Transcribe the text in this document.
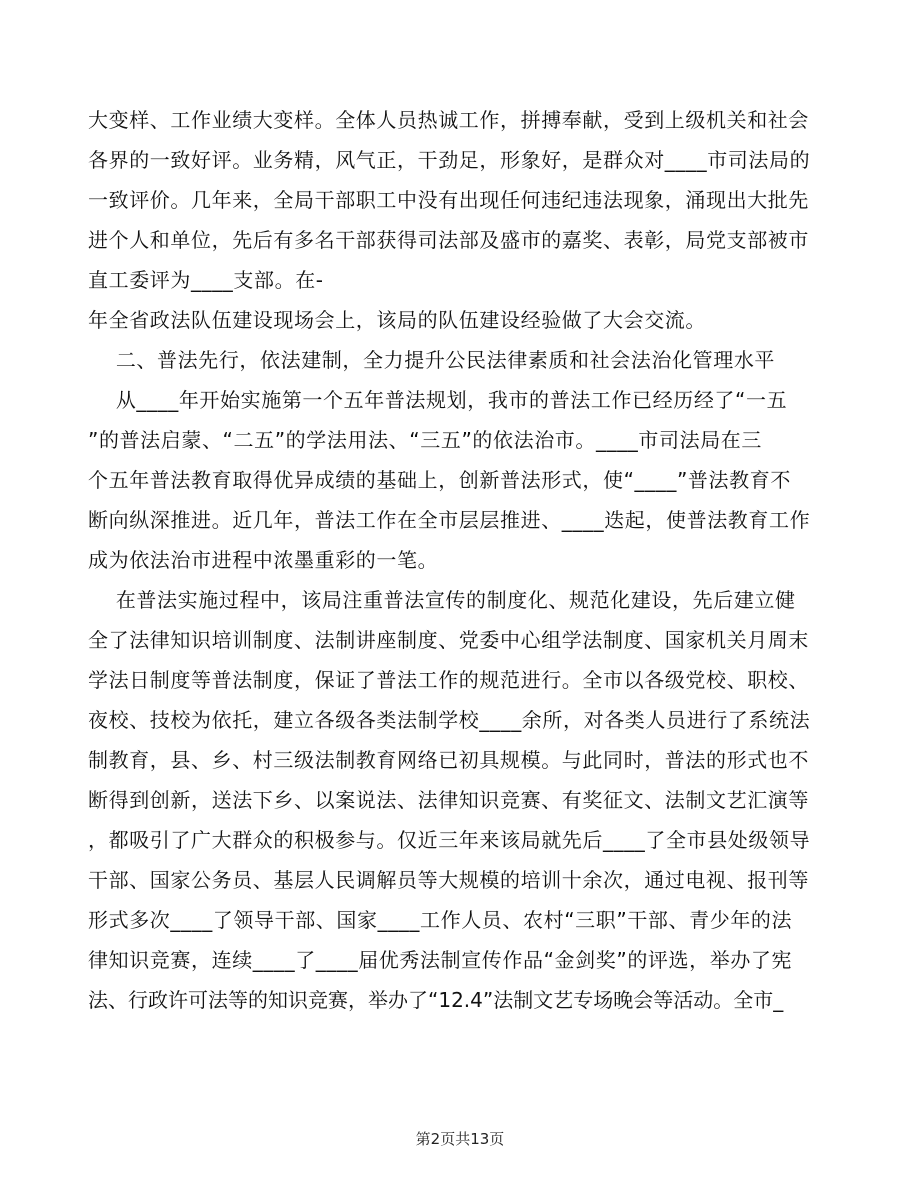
大变样、工作业绩大变样。全体人员热诚工作，拼搏奉献，受到上级机关和社会
各界的一致好评。业务精，风气正，干劲足，形象好，是群众对____市司法局的
一致评价。几年来，全局干部职工中没有出现任何违纪违法现象，涌现出大批先
进个人和单位，先后有多名干部获得司法部及盛市的嘉奖、表彰，局党支部被市
直工委评为____支部。在-
年全省政法队伍建设现场会上，该局的队伍建设经验做了大会交流。
二、普法先行，依法建制，全力提升公民法律素质和社会法治化管理水平
从____年开始实施第一个五年普法规划，我市的普法工作已经历经了“一五
”的普法启蒙、“二五”的学法用法、“三五”的依法治市。____市司法局在三
个五年普法教育取得优异成绩的基础上，创新普法形式，使“____”普法教育不
断向纵深推进。近几年，普法工作在全市层层推进、____迭起，使普法教育工作
成为依法治市进程中浓墨重彩的一笔。
在普法实施过程中，该局注重普法宣传的制度化、规范化建设，先后建立健
全了法律知识培训制度、法制讲座制度、党委中心组学法制度、国家机关月周末
学法日制度等普法制度，保证了普法工作的规范进行。全市以各级党校、职校、
夜校、技校为依托，建立各级各类法制学校____余所，对各类人员进行了系统法
制教育，县、乡、村三级法制教育网络已初具规模。与此同时，普法的形式也不
断得到创新，送法下乡、以案说法、法律知识竞赛、有奖征文、法制文艺汇演等
，都吸引了广大群众的积极参与。仅近三年来该局就先后____了全市县处级领导
干部、国家公务员、基层人民调解员等大规模的培训十余次，通过电视、报刊等
形式多次____了领导干部、国家____工作人员、农村“三职”干部、青少年的法
律知识竞赛，连续____了____届优秀法制宣传作品“金剑奖”的评选，举办了宪
法、行政许可法等的知识竞赛，举办了“12.4”法制文艺专场晚会等活动。全市_
第2页共13页
